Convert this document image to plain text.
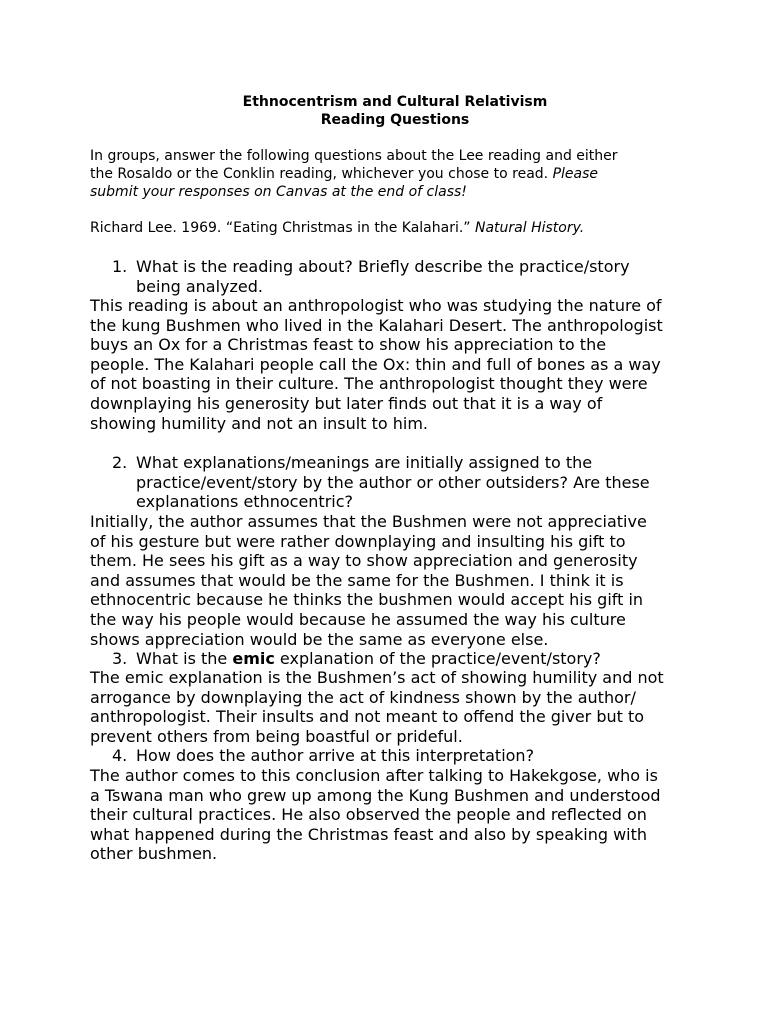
Ethnocentrism and Cultural Relativism
Reading Questions
In groups, answer the following questions about the Lee reading and either
the Rosaldo or the Conklin reading, whichever you chose to read. Please
submit your responses on Canvas at the end of class!
Richard Lee. 1969. “Eating Christmas in the Kalahari.” Natural History.
1. What is the reading about? Briefly describe the practice/story
being analyzed.
This reading is about an anthropologist who was studying the nature of
the kung Bushmen who lived in the Kalahari Desert. The anthropologist
buys an Ox for a Christmas feast to show his appreciation to the
people. The Kalahari people call the Ox: thin and full of bones as a way
of not boasting in their culture. The anthropologist thought they were
downplaying his generosity but later finds out that it is a way of
showing humility and not an insult to him.
2. What explanations/meanings are initially assigned to the
practice/event/story by the author or other outsiders? Are these
explanations ethnocentric?
Initially, the author assumes that the Bushmen were not appreciative
of his gesture but were rather downplaying and insulting his gift to
them. He sees his gift as a way to show appreciation and generosity
and assumes that would be the same for the Bushmen. I think it is
ethnocentric because he thinks the bushmen would accept his gift in
the way his people would because he assumed the way his culture
shows appreciation would be the same as everyone else.
3. What is the emic explanation of the practice/event/story?
The emic explanation is the Bushmen’s act of showing humility and not
arrogance by downplaying the act of kindness shown by the author/
anthropologist. Their insults and not meant to offend the giver but to
prevent others from being boastful or prideful.
4. How does the author arrive at this interpretation?
The author comes to this conclusion after talking to Hakekgose, who is
a Tswana man who grew up among the Kung Bushmen and understood
their cultural practices. He also observed the people and reflected on
what happened during the Christmas feast and also by speaking with
other bushmen.
